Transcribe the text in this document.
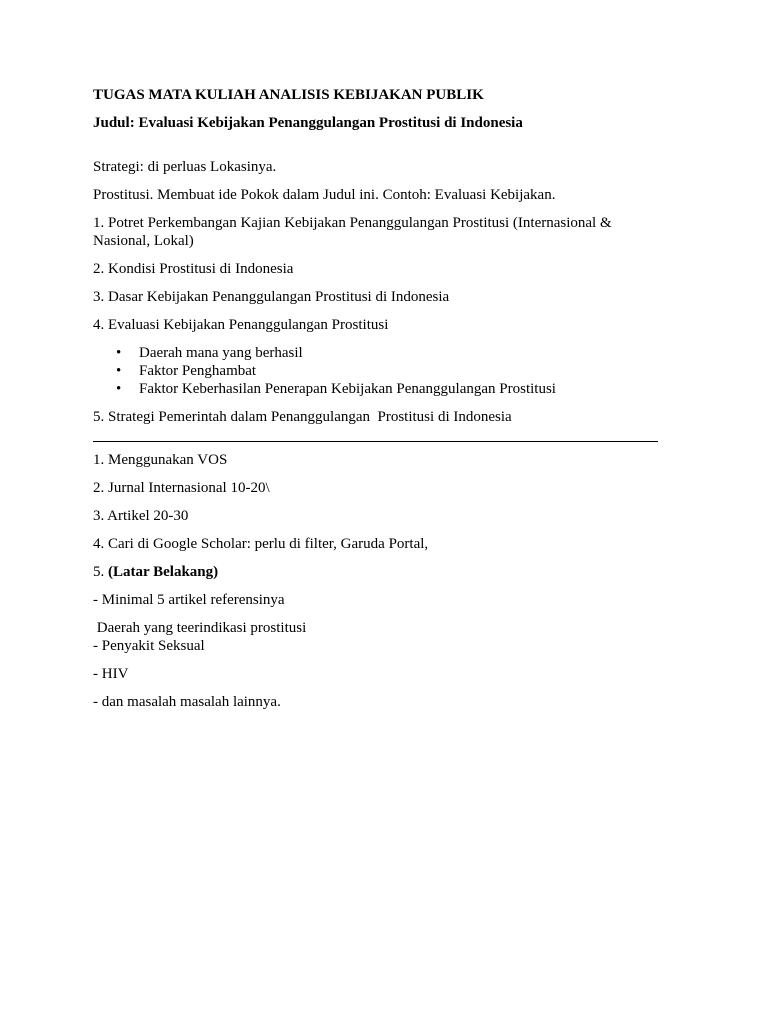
TUGAS MATA KULIAH ANALISIS KEBIJAKAN PUBLIK

Judul: Evaluasi Kebijakan Penanggulangan Prostitusi di Indonesia

Strategi: di perluas Lokasinya.

Prostitusi. Membuat ide Pokok dalam Judul ini. Contoh: Evaluasi Kebijakan.

1. Potret Perkembangan Kajian Kebijakan Penanggulangan Prostitusi (Internasional & Nasional, Lokal)

2. Kondisi Prostitusi di Indonesia

3. Dasar Kebijakan Penanggulangan Prostitusi di Indonesia

4. Evaluasi Kebijakan Penanggulangan Prostitusi

• Daerah mana yang berhasil
• Faktor Penghambat
• Faktor Keberhasilan Penerapan Kebijakan Penanggulangan Prostitusi

5. Strategi Pemerintah dalam Penanggulangan  Prostitusi di Indonesia

1. Menggunakan VOS

2. Jurnal Internasional 10-20\

3. Artikel 20-30

4. Cari di Google Scholar: perlu di filter, Garuda Portal,

5. (Latar Belakang)

- Minimal 5 artikel referensinya

Daerah yang teerindikasi prostitusi

- Penyakit Seksual

- HIV

- dan masalah masalah lainnya.
